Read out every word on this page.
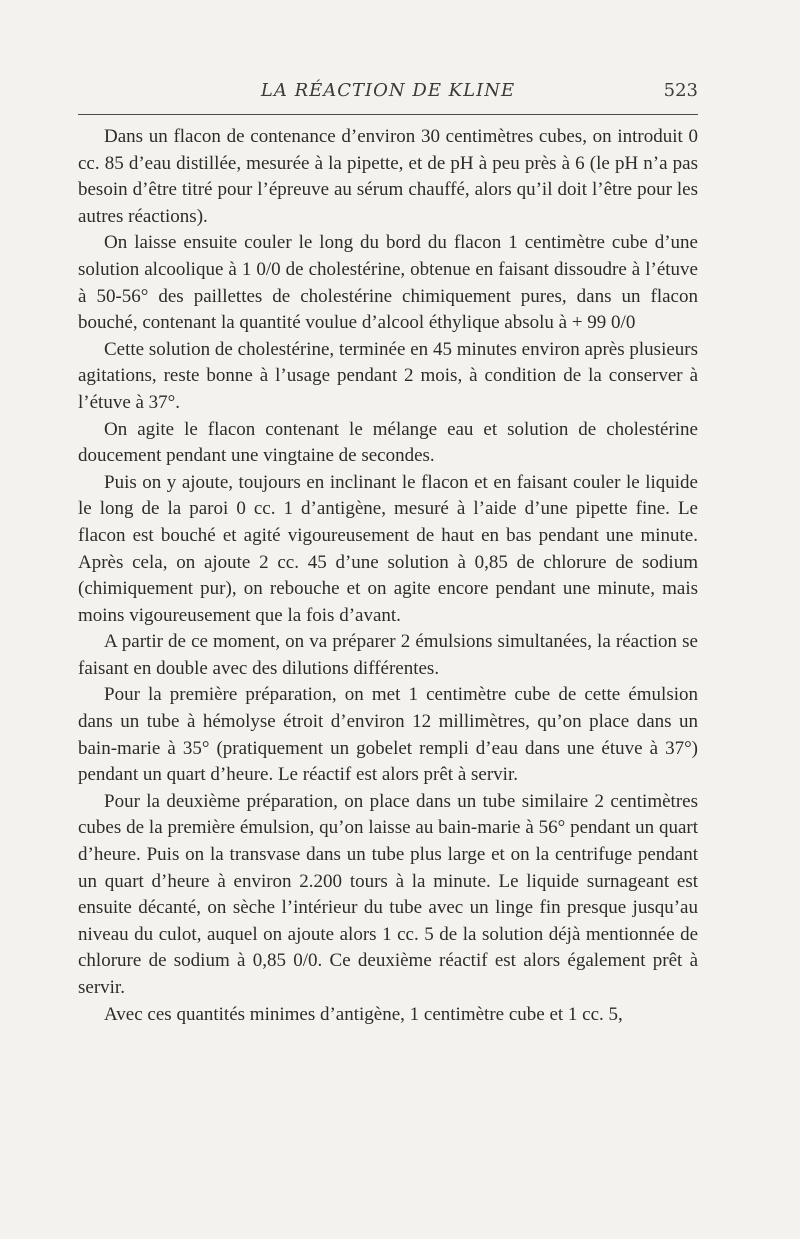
LA RÉACTION DE KLINE	523

Dans un flacon de contenance d’environ 30 centimètres cubes, on introduit 0 cc. 85 d’eau distillée, mesurée à la pipette, et de pH à peu près à 6 (le pH n’a pas besoin d’être titré pour l’épreuve au sérum chauffé, alors qu’il doit l’être pour les autres réactions).

On laisse ensuite couler le long du bord du flacon 1 centimètre cube d’une solution alcoolique à 1 0/0 de cholestérine, obtenue en faisant dissoudre à l’étuve à 50-56° des paillettes de cholestérine chimiquement pures, dans un flacon bouché, contenant la quantité voulue d’alcool éthylique absolu à + 99 0/0

Cette solution de cholestérine, terminée en 45 minutes environ après plusieurs agitations, reste bonne à l’usage pendant 2 mois, à condition de la conserver à l’étuve à 37°.

On agite le flacon contenant le mélange eau et solution de cholestérine doucement pendant une vingtaine de secondes.

Puis on y ajoute, toujours en inclinant le flacon et en faisant couler le liquide le long de la paroi 0 cc. 1 d’antigène, mesuré à l’aide d’une pipette fine. Le flacon est bouché et agité vigoureusement de haut en bas pendant une minute. Après cela, on ajoute 2 cc. 45 d’une solution à 0,85 de chlorure de sodium (chimiquement pur), on rebouche et on agite encore pendant une minute, mais moins vigoureusement que la fois d’avant.

A partir de ce moment, on va préparer 2 émulsions simultanées, la réaction se faisant en double avec des dilutions différentes.

Pour la première préparation, on met 1 centimètre cube de cette émulsion dans un tube à hémolyse étroit d’environ 12 millimètres, qu’on place dans un bain-marie à 35° (pratiquement un gobelet rempli d’eau dans une étuve à 37°) pendant un quart d’heure. Le réactif est alors prêt à servir.

Pour la deuxième préparation, on place dans un tube similaire 2 centimètres cubes de la première émulsion, qu’on laisse au bain-marie à 56° pendant un quart d’heure. Puis on la transvase dans un tube plus large et on la centrifuge pendant un quart d’heure à environ 2.200 tours à la minute. Le liquide surnageant est ensuite décanté, on sèche l’intérieur du tube avec un linge fin presque jusqu’au niveau du culot, auquel on ajoute alors 1 cc. 5 de la solution déjà mentionnée de chlorure de sodium à 0,85 0/0. Ce deuxième réactif est alors également prêt à servir.

Avec ces quantités minimes d’antigène, 1 centimètre cube et 1 cc. 5,
